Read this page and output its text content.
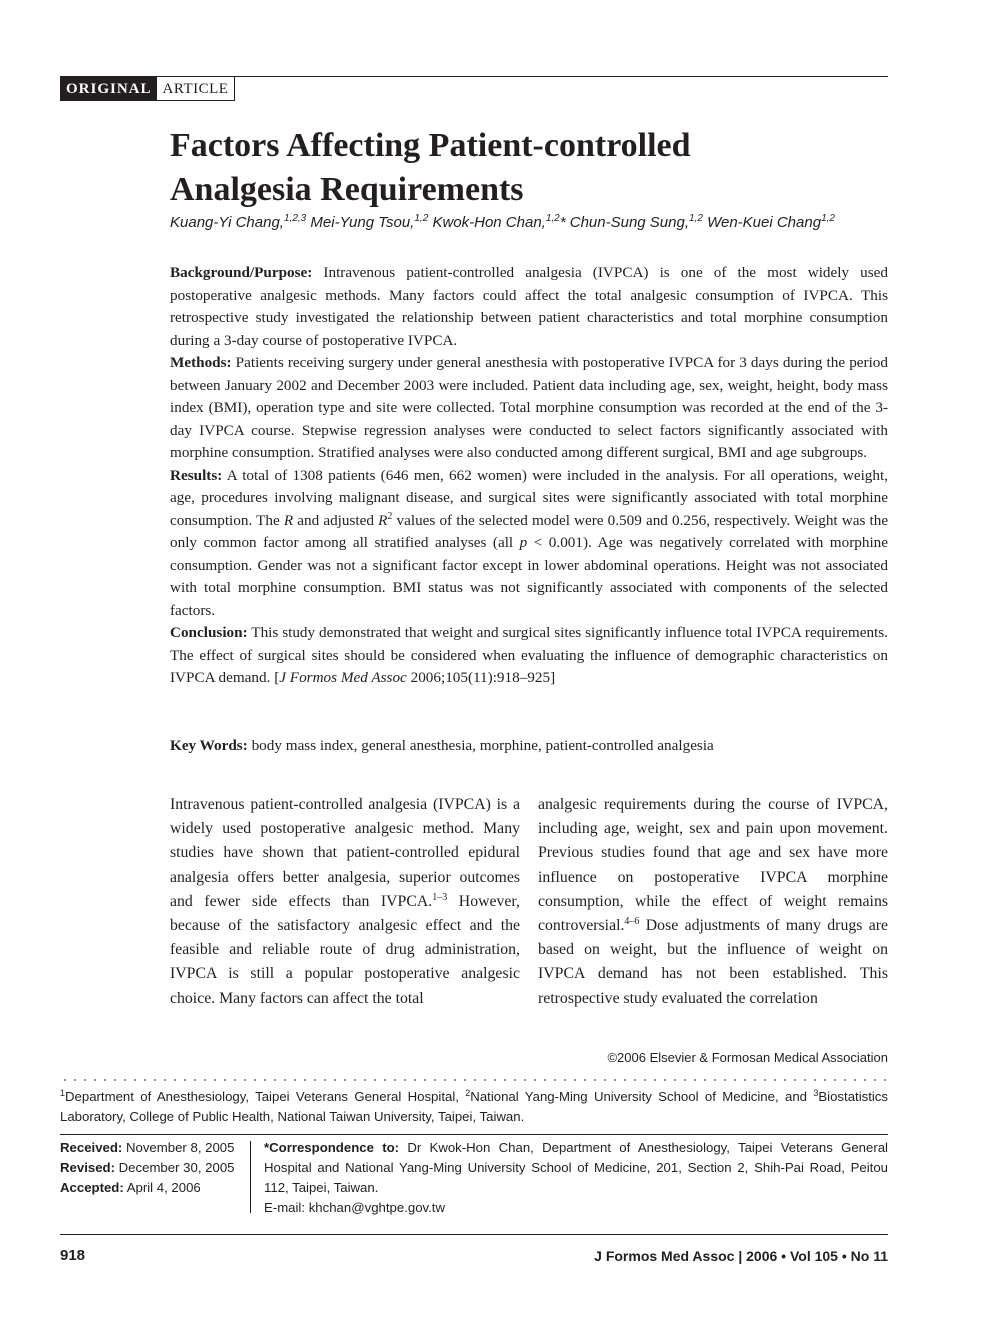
ORIGINAL ARTICLE
Factors Affecting Patient-controlled
Analgesia Requirements
Kuang-Yi Chang,$^{1,2,3}$ Mei-Yung Tsou,$^{1,2}$ Kwok-Hon Chan,$^{1,2}$* Chun-Sung Sung,$^{1,2}$ Wen-Kuei Chang$^{1,2}$

Background/Purpose: Intravenous patient-controlled analgesia (IVPCA) is one of the most widely used postoperative analgesic methods. Many factors could affect the total analgesic consumption of IVPCA. This retrospective study investigated the relationship between patient characteristics and total morphine consumption during a 3-day course of postoperative IVPCA.

Methods: Patients receiving surgery under general anesthesia with postoperative IVPCA for 3 days during the period between January 2002 and December 2003 were included. Patient data including age, sex, weight, height, body mass index (BMI), operation type and site were collected. Total morphine consumption was recorded at the end of the 3-day IVPCA course. Stepwise regression analyses were conducted to select factors significantly associated with morphine consumption. Stratified analyses were also conducted among different surgical, BMI and age subgroups.

Results: A total of 1308 patients (646 men, 662 women) were included in the analysis. For all operations, weight, age, procedures involving malignant disease, and surgical sites were significantly associated with total morphine consumption. The R and adjusted R$^2$ values of the selected model were 0.509 and 0.256, respectively. Weight was the only common factor among all stratified analyses (all p < 0.001). Age was negatively correlated with morphine consumption. Gender was not a significant factor except in lower abdominal operations. Height was not associated with total morphine consumption. BMI status was not significantly associated with components of the selected factors.

Conclusion: This study demonstrated that weight and surgical sites significantly influence total IVPCA requirements. The effect of surgical sites should be considered when evaluating the influence of demographic characteristics on IVPCA demand. [J Formos Med Assoc 2006;105(11):918–925]

Key Words: body mass index, general anesthesia, morphine, patient-controlled analgesia

Intravenous patient-controlled analgesia (IVPCA) is a widely used postoperative analgesic method. Many studies have shown that patient-controlled epidural analgesia offers better analgesia, superior outcomes and fewer side effects than IVPCA.$^{1-3}$ However, because of the satisfactory analgesic effect and the feasible and reliable route of drug administration, IVPCA is still a popular postoperative analgesic choice. Many factors can affect the total

analgesic requirements during the course of IVPCA, including age, weight, sex and pain upon movement. Previous studies found that age and sex have more influence on postoperative IVPCA morphine consumption, while the effect of weight remains controversial.$^{4-6}$ Dose adjustments of many drugs are based on weight, but the influence of weight on IVPCA demand has not been established. This retrospective study evaluated the correlation

©2006 Elsevier & Formosan Medical Association
$^1$Department of Anesthesiology, Taipei Veterans General Hospital, $^2$National Yang-Ming University School of Medicine, and $^3$Biostatistics Laboratory, College of Public Health, National Taiwan University, Taipei, Taiwan.
Received: November 8, 2005
Revised: December 30, 2005
Accepted: April 4, 2006

*Correspondence to: Dr Kwok-Hon Chan, Department of Anesthesiology, Taipei Veterans General Hospital and National Yang-Ming University School of Medicine, 201, Section 2, Shih-Pai Road, Peitou 112, Taipei, Taiwan.

E-mail: khchan@vghtpe.gov.tw

918	J Formos Med Assoc | 2006 • Vol 105 • No 11
